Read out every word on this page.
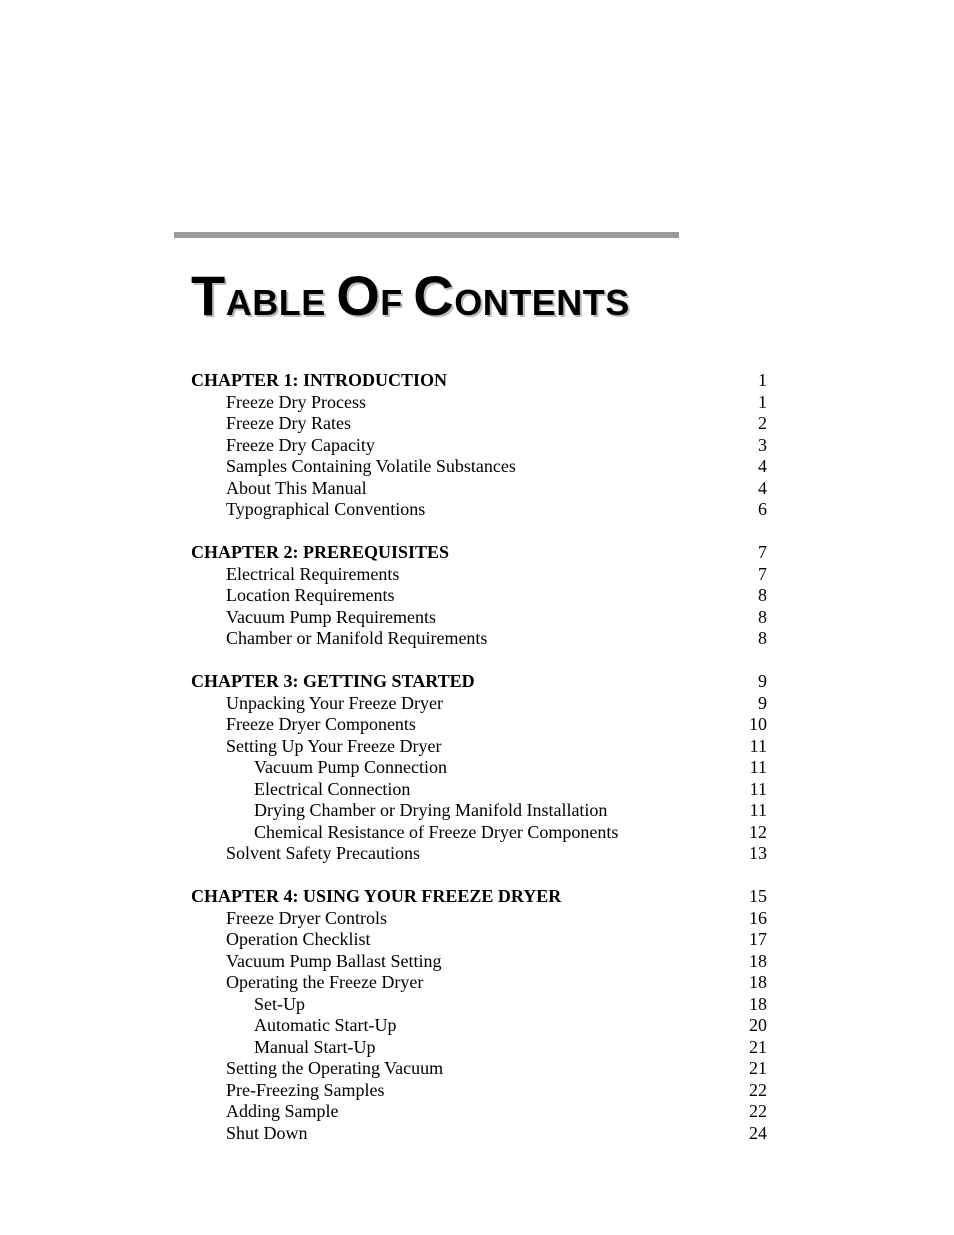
TABLE OF CONTENTS
CHAPTER 1: INTRODUCTION	1
Freeze Dry Process	1
Freeze Dry Rates	2
Freeze Dry Capacity	3
Samples Containing Volatile Substances	4
About This Manual	4
Typographical Conventions	6
CHAPTER 2: PREREQUISITES	7
Electrical Requirements	7
Location Requirements	8
Vacuum Pump Requirements	8
Chamber or Manifold Requirements	8
CHAPTER 3: GETTING STARTED	9
Unpacking Your Freeze Dryer	9
Freeze Dryer Components	10
Setting Up Your Freeze Dryer	11
Vacuum Pump Connection	11
Electrical Connection	11
Drying Chamber or Drying Manifold Installation	11
Chemical Resistance of Freeze Dryer Components	12
Solvent Safety Precautions	13
CHAPTER 4: USING YOUR FREEZE DRYER	15
Freeze Dryer Controls	16
Operation Checklist	17
Vacuum Pump Ballast Setting	18
Operating the Freeze Dryer	18
Set-Up	18
Automatic Start-Up	20
Manual Start-Up	21
Setting the Operating Vacuum	21
Pre-Freezing Samples	22
Adding Sample	22
Shut Down	24
